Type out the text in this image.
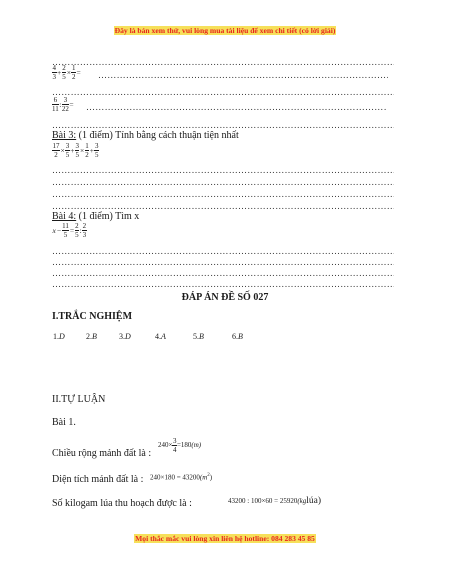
Đây là bản xem thử, vui lòng mua tài liệu để xem chi tiết (có lời giải)
……………………………………………………………………………………………………………………………………………………
$\frac{4}{3} + \frac{2}{5} \times \frac{1}{2}$ =
……………………………………………………………………………………………………………………………………………………
……………………………………………………………………………………………………………………………………………………
$\frac{6}{11}$ : $\frac{3}{22}$ =
……………………………………………………………………………………………………………………………………………………
……………………………………………………………………………………………………………………………………………………
Bài 3: (1 điểm) Tính bằng cách thuận tiện nhất
$\frac{17}{2} \times \frac{3}{5} + \frac{3}{5} \times \frac{1}{2} + \frac{3}{5}$
……………………………………………………………………………………………………………………………………………………
……………………………………………………………………………………………………………………………………………………
……………………………………………………………………………………………………………………………………………………
……………………………………………………………………………………………………………………………………………………
Bài 4: (1 điểm) Tìm x
$x- \frac{11}{5} = \frac{2}{5}$ : $\frac{2}{3}$
……………………………………………………………………………………………………………………………………………………
……………………………………………………………………………………………………………………………………………………
……………………………………………………………………………………………………………………………………………………
……………………………………………………………………………………………………………………………………………………
ĐÁP ÁN ĐỀ SỐ 027
I.TRẮC NGHIỆM
1.D	2.B	3.D	4.A	5.B	6.B
II.TỰ LUẬN
Bài 1.
Chiều rộng mảnh đất là :
$240\times \frac{3}{4} =180(m)$
Diện tích mảnh đất là : $240\times 180 = 43200(m^2)$
Số kilogam lúa thu hoạch được là :	43200 : 100×60 = 25920(kglúa)
Mọi thắc mắc vui lòng xin liên hệ hotline: 084 283 45 85
